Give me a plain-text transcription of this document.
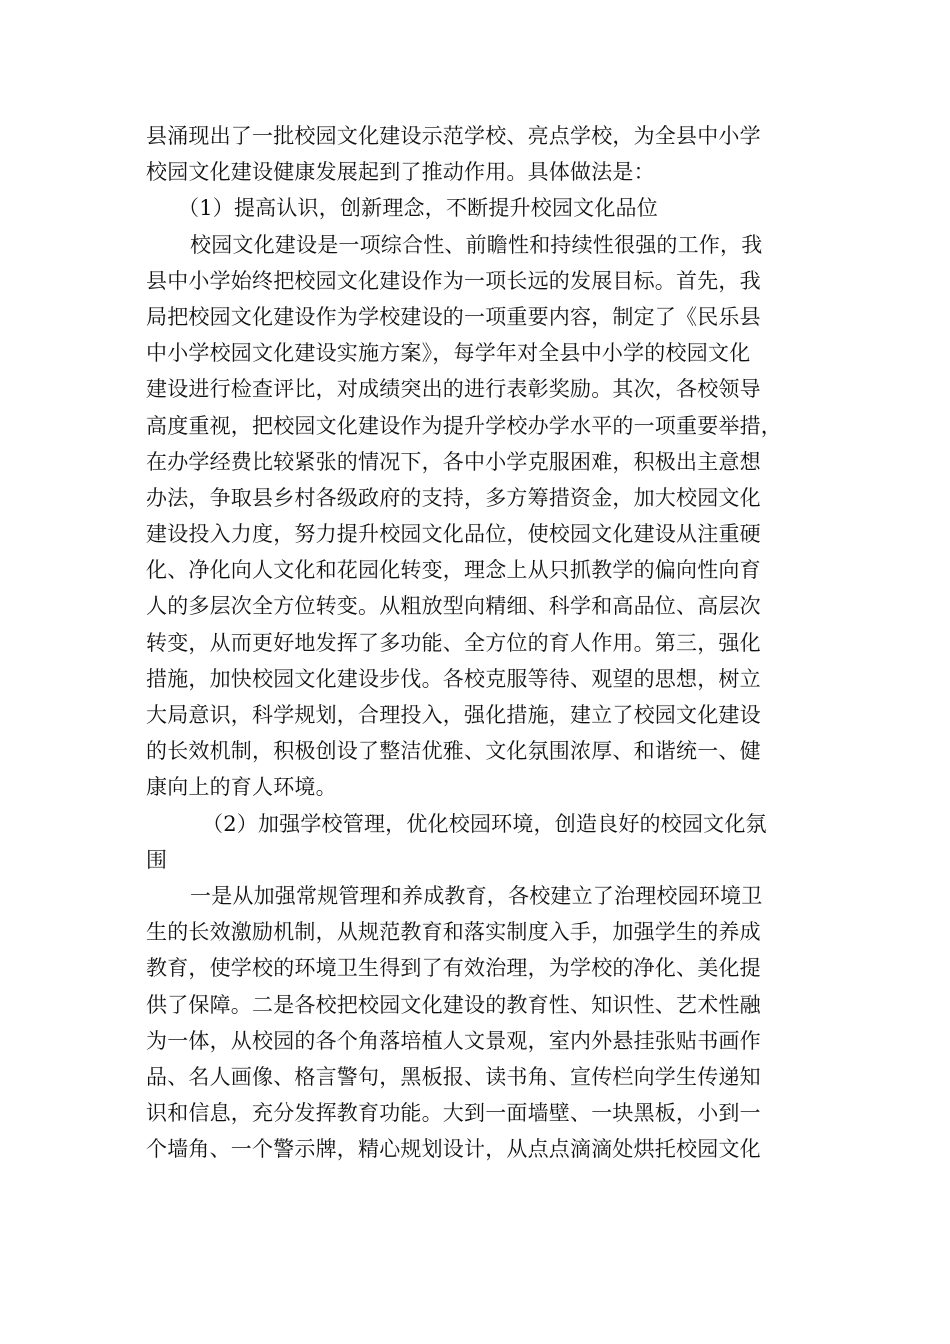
县涌现出了一批校园文化建设示范学校、亮点学校，为全县中小学
校园文化建设健康发展起到了推动作用。具体做法是：
（1）提高认识，创新理念，不断提升校园文化品位
校园文化建设是一项综合性、前瞻性和持续性很强的工作，我
县中小学始终把校园文化建设作为一项长远的发展目标。首先，我
局把校园文化建设作为学校建设的一项重要内容，制定了《民乐县
中小学校园文化建设实施方案》，每学年对全县中小学的校园文化
建设进行检查评比，对成绩突出的进行表彰奖励。其次，各校领导
高度重视，把校园文化建设作为提升学校办学水平的一项重要举措，
在办学经费比较紧张的情况下，各中小学克服困难，积极出主意想
办法，争取县乡村各级政府的支持，多方筹措资金，加大校园文化
建设投入力度，努力提升校园文化品位，使校园文化建设从注重硬
化、净化向人文化和花园化转变，理念上从只抓教学的偏向性向育
人的多层次全方位转变。从粗放型向精细、科学和高品位、高层次
转变，从而更好地发挥了多功能、全方位的育人作用。第三，强化
措施，加快校园文化建设步伐。各校克服等待、观望的思想，树立
大局意识，科学规划，合理投入，强化措施，建立了校园文化建设
的长效机制，积极创设了整洁优雅、文化氛围浓厚、和谐统一、健
康向上的育人环境。
（2）加强学校管理，优化校园环境，创造良好的校园文化氛
围
一是从加强常规管理和养成教育，各校建立了治理校园环境卫
生的长效激励机制，从规范教育和落实制度入手，加强学生的养成
教育，使学校的环境卫生得到了有效治理，为学校的净化、美化提
供了保障。二是各校把校园文化建设的教育性、知识性、艺术性融
为一体，从校园的各个角落培植人文景观，室内外悬挂张贴书画作
品、名人画像、格言警句，黑板报、读书角、宣传栏向学生传递知
识和信息，充分发挥教育功能。大到一面墙壁、一块黑板，小到一
个墙角、一个警示牌，精心规划设计，从点点滴滴处烘托校园文化
